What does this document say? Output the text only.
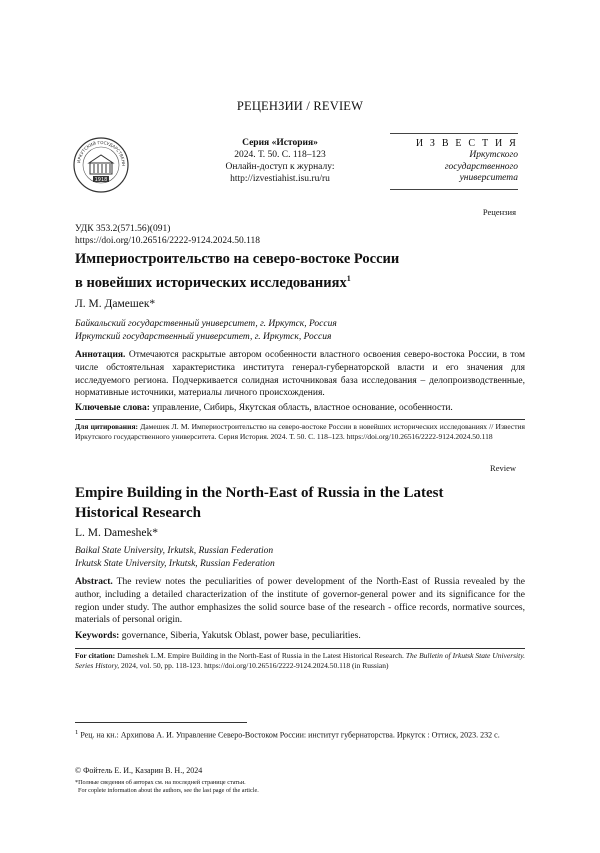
РЕЦЕНЗИИ / REVIEW
ИРКУТСКИЙ ГОСУДАРСТВЕННЫЙ
1918
Серия «История»
2024. Т. 50. С. 118–123
Онлайн-доступ к журналу:
http://izvestiahist.isu.ru/ru
И З В Е С Т И Я
Иркутского
государственного
университета
Рецензия
УДК 353.2(571.56)(091)
https://doi.org/10.26516/2222-9124.2024.50.118
Империостроительство на северо-востоке России
в новейших исторических исследованиях1
Л. М. Дамешек*
Байкальский государственный университет, г. Иркутск, Россия
Иркутский государственный университет, г. Иркутск, Россия
Аннотация. Отмечаются раскрытые автором особенности властного освоения северо-востока России, в том числе обстоятельная характеристика института генерал-губернаторской власти и его значения для исследуемого региона. Подчеркивается солидная источниковая база исследования – делопроизводственные, нормативные источники, материалы личного происхождения.
Ключевые слова: управление, Сибирь, Якутская область, властное основание, особенности.
Для цитирования: Дамешек Л. М. Империостроительство на северо-востоке России в новейших исторических исследованиях // Известия Иркутского государственного университета. Серия История. 2024. Т. 50. С. 118–123. https://doi.org/10.26516/2222-9124.2024.50.118
Review
Empire Building in the North-East of Russia in the Latest
Historical Research
L. M. Dameshek*
Baikal State University, Irkutsk, Russian Federation
Irkutsk State University, Irkutsk, Russian Federation
Abstract. The review notes the peculiarities of power development of the North-East of Russia revealed by the author, including a detailed characterization of the institute of governor-general power and its significance for the region under study. The author emphasizes the solid source base of the research - office records, normative sources, materials of personal origin.
Keywords: governance, Siberia, Yakutsk Oblast, power base, peculiarities.
For citation: Dameshek L.M. Empire Building in the North-East of Russia in the Latest Historical Research. The Bulletin of Irkutsk State University. Series History, 2024, vol. 50, pp. 118-123. https://doi.org/10.26516/2222-9124.2024.50.118 (in Russian)
1 Рец. на кн.: Архипова А. И. Управление Северо-Востоком России: институт губернаторства. Иркутск : Оттиск, 2023. 232 с.
© Фойтель Е. И., Казарин В. Н., 2024
*Полные сведения об авторах см. на последней странице статьи.
For coplete information about the authors, see the last page of the article.
